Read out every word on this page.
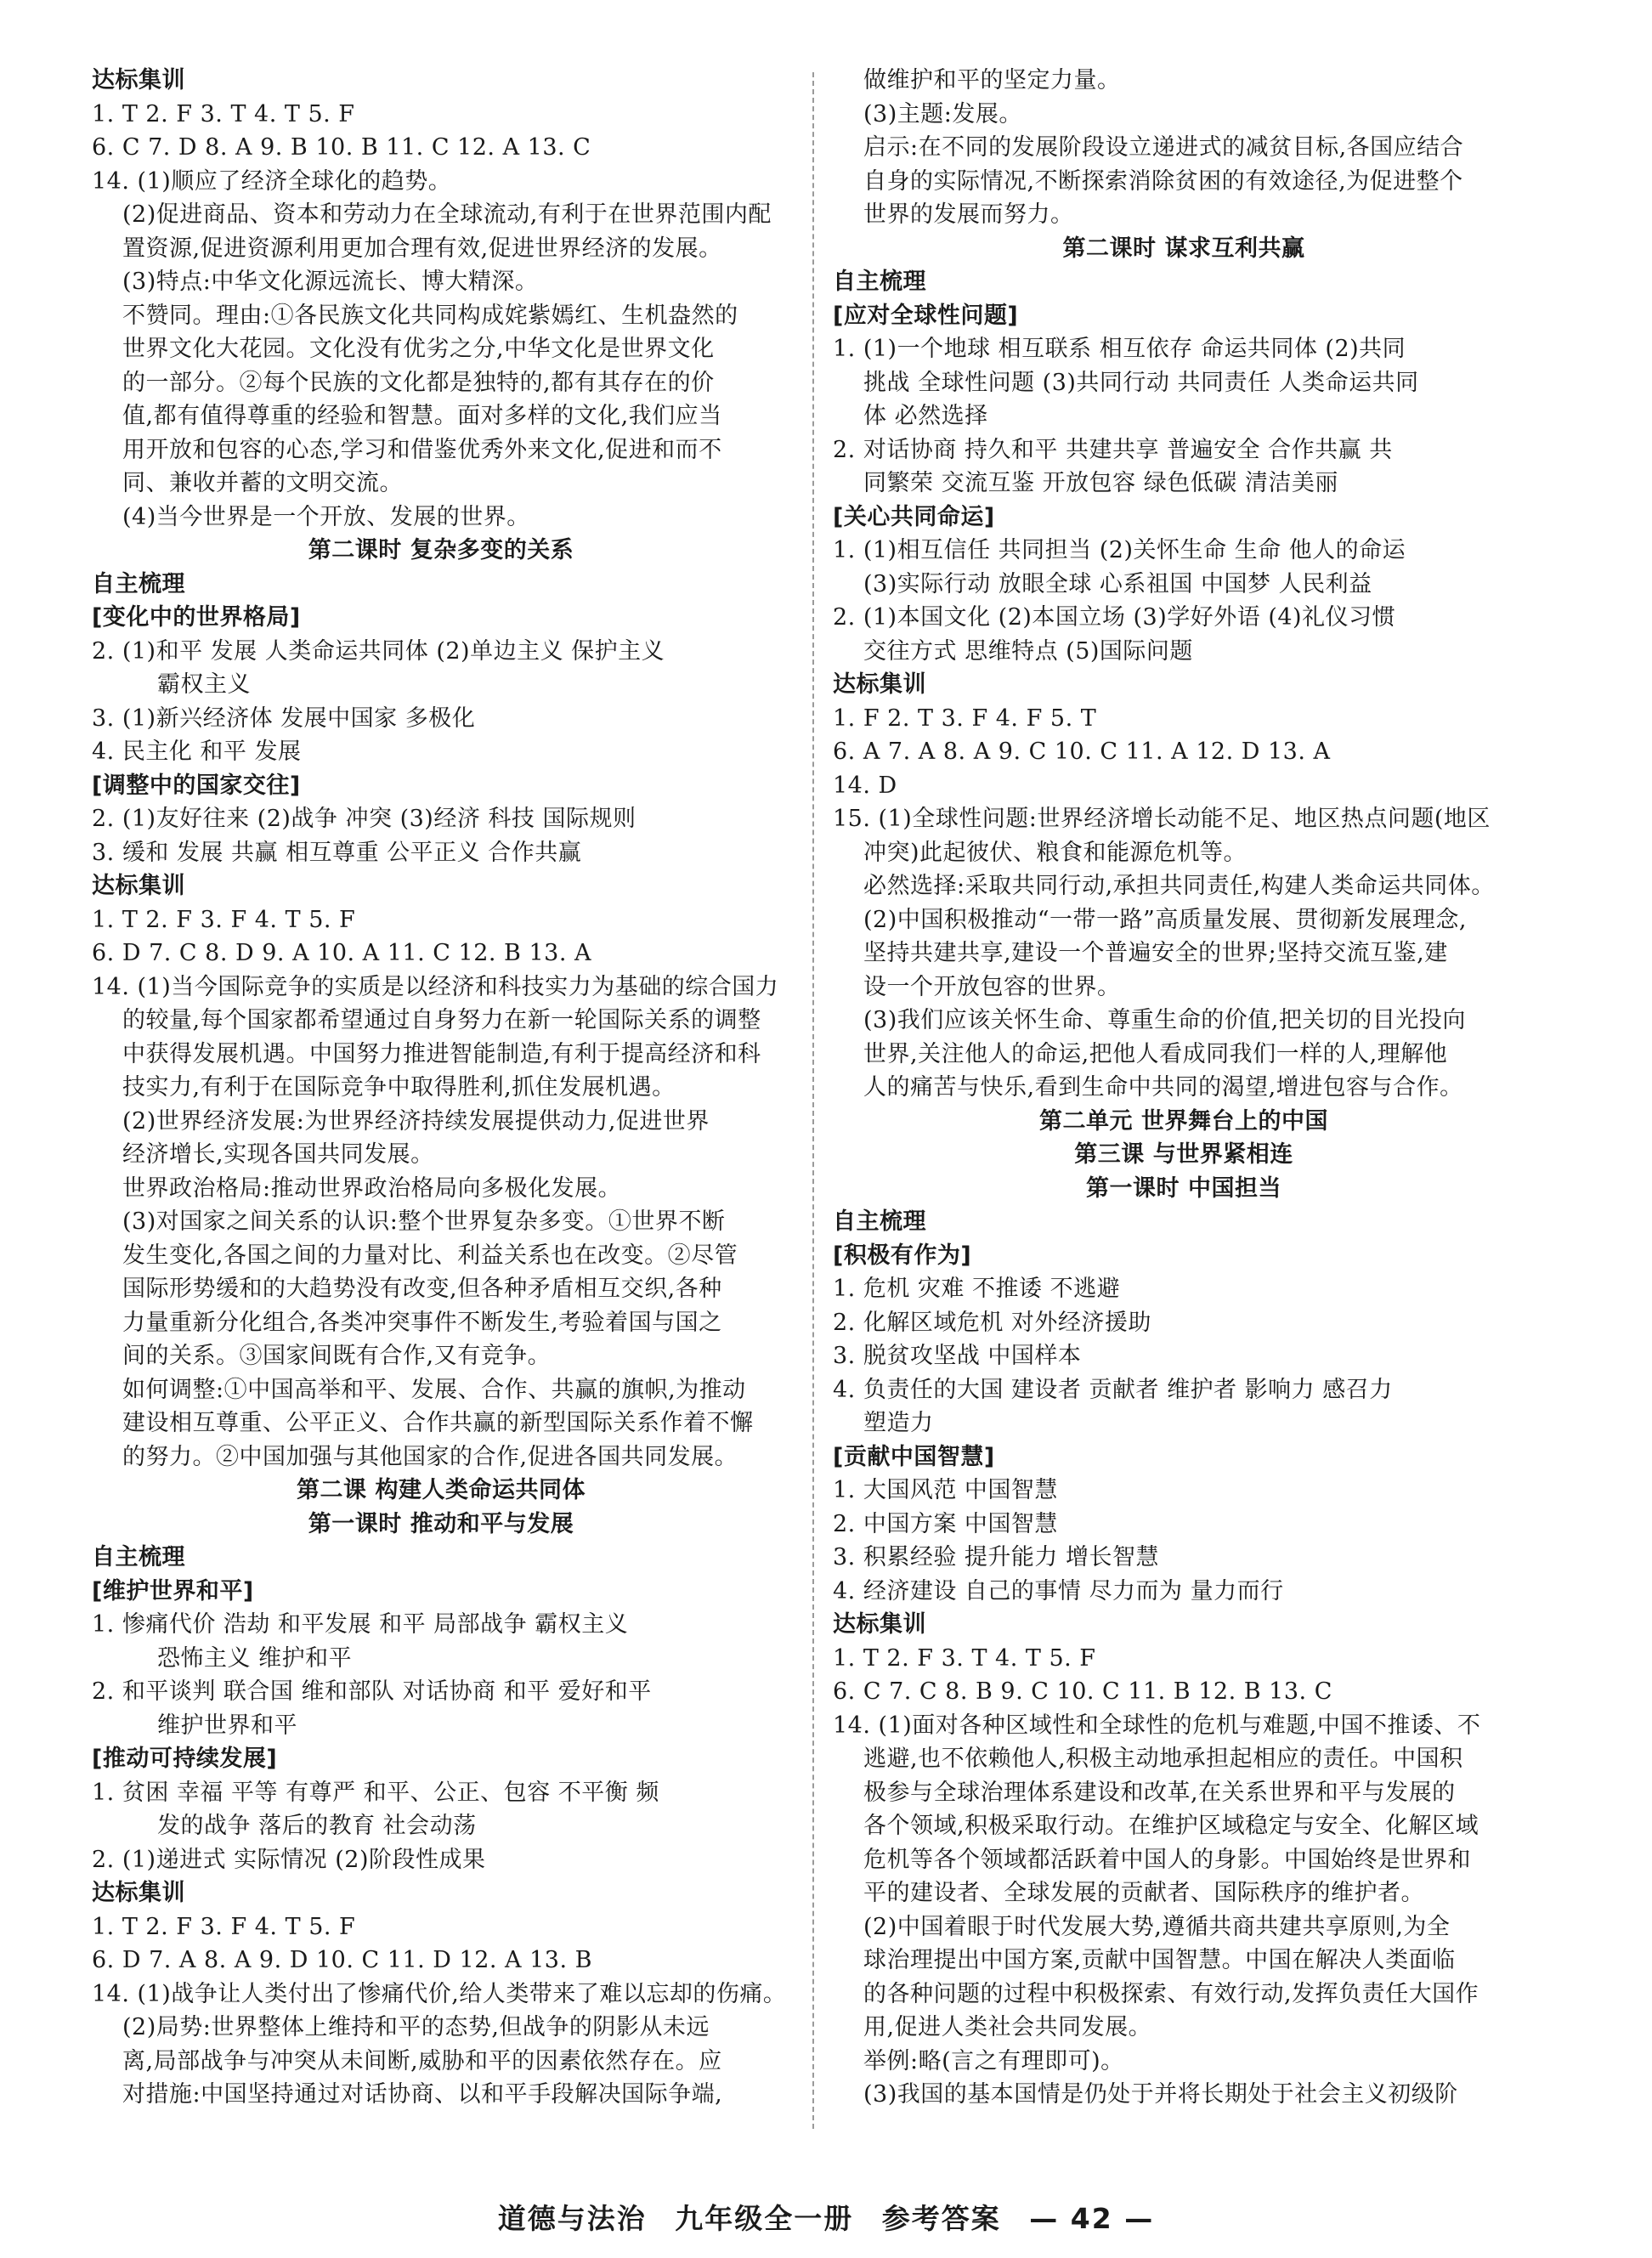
达标集训
1. T 2. F 3. T 4. T 5. F
6. C 7. D 8. A 9. B 10. B 11. C 12. A 13. C
14. (1)顺应了经济全球化的趋势。
(2)促进商品、资本和劳动力在全球流动,有利于在世界范围内配
置资源,促进资源利用更加合理有效,促进世界经济的发展。
(3)特点:中华文化源远流长、博大精深。
不赞同。理由:①各民族文化共同构成姹紫嫣红、生机盎然的
世界文化大花园。文化没有优劣之分,中华文化是世界文化
的一部分。②每个民族的文化都是独特的,都有其存在的价
值,都有值得尊重的经验和智慧。面对多样的文化,我们应当
用开放和包容的心态,学习和借鉴优秀外来文化,促进和而不
同、兼收并蓄的文明交流。
(4)当今世界是一个开放、发展的世界。
第二课时 复杂多变的关系
自主梳理
[变化中的世界格局]
2. (1)和平 发展 人类命运共同体 (2)单边主义 保护主义
霸权主义
3. (1)新兴经济体 发展中国家 多极化
4. 民主化 和平 发展
[调整中的国家交往]
2. (1)友好往来 (2)战争 冲突 (3)经济 科技 国际规则
3. 缓和 发展 共赢 相互尊重 公平正义 合作共赢
达标集训
1. T 2. F 3. F 4. T 5. F
6. D 7. C 8. D 9. A 10. A 11. C 12. B 13. A
14. (1)当今国际竞争的实质是以经济和科技实力为基础的综合国力
的较量,每个国家都希望通过自身努力在新一轮国际关系的调整
中获得发展机遇。中国努力推进智能制造,有利于提高经济和科
技实力,有利于在国际竞争中取得胜利,抓住发展机遇。
(2)世界经济发展:为世界经济持续发展提供动力,促进世界
经济增长,实现各国共同发展。
世界政治格局:推动世界政治格局向多极化发展。
(3)对国家之间关系的认识:整个世界复杂多变。①世界不断
发生变化,各国之间的力量对比、利益关系也在改变。②尽管
国际形势缓和的大趋势没有改变,但各种矛盾相互交织,各种
力量重新分化组合,各类冲突事件不断发生,考验着国与国之
间的关系。③国家间既有合作,又有竞争。
如何调整:①中国高举和平、发展、合作、共赢的旗帜,为推动
建设相互尊重、公平正义、合作共赢的新型国际关系作着不懈
的努力。②中国加强与其他国家的合作,促进各国共同发展。
第二课 构建人类命运共同体
第一课时 推动和平与发展
自主梳理
[维护世界和平]
1. 惨痛代价 浩劫 和平发展 和平 局部战争 霸权主义
恐怖主义 维护和平
2. 和平谈判 联合国 维和部队 对话协商 和平 爱好和平
维护世界和平
[推动可持续发展]
1. 贫困 幸福 平等 有尊严 和平、公正、包容 不平衡 频
发的战争 落后的教育 社会动荡
2. (1)递进式 实际情况 (2)阶段性成果
达标集训
1. T 2. F 3. F 4. T 5. F
6. D 7. A 8. A 9. D 10. C 11. D 12. A 13. B
14. (1)战争让人类付出了惨痛代价,给人类带来了难以忘却的伤痛。
(2)局势:世界整体上维持和平的态势,但战争的阴影从未远
离,局部战争与冲突从未间断,威胁和平的因素依然存在。应
对措施:中国坚持通过对话协商、以和平手段解决国际争端,
做维护和平的坚定力量。
(3)主题:发展。
启示:在不同的发展阶段设立递进式的减贫目标,各国应结合
自身的实际情况,不断探索消除贫困的有效途径,为促进整个
世界的发展而努力。
第二课时 谋求互利共赢
自主梳理
[应对全球性问题]
1. (1)一个地球 相互联系 相互依存 命运共同体 (2)共同
挑战 全球性问题 (3)共同行动 共同责任 人类命运共同
体 必然选择
2. 对话协商 持久和平 共建共享 普遍安全 合作共赢 共
同繁荣 交流互鉴 开放包容 绿色低碳 清洁美丽
[关心共同命运]
1. (1)相互信任 共同担当 (2)关怀生命 生命 他人的命运
(3)实际行动 放眼全球 心系祖国 中国梦 人民利益
2. (1)本国文化 (2)本国立场 (3)学好外语 (4)礼仪习惯
交往方式 思维特点 (5)国际问题
达标集训
1. F 2. T 3. F 4. F 5. T
6. A 7. A 8. A 9. C 10. C 11. A 12. D 13. A
14. D
15. (1)全球性问题:世界经济增长动能不足、地区热点问题(地区
冲突)此起彼伏、粮食和能源危机等。
必然选择:采取共同行动,承担共同责任,构建人类命运共同体。
(2)中国积极推动“一带一路”高质量发展、贯彻新发展理念,
坚持共建共享,建设一个普遍安全的世界;坚持交流互鉴,建
设一个开放包容的世界。
(3)我们应该关怀生命、尊重生命的价值,把关切的目光投向
世界,关注他人的命运,把他人看成同我们一样的人,理解他
人的痛苦与快乐,看到生命中共同的渴望,增进包容与合作。
第二单元 世界舞台上的中国
第三课 与世界紧相连
第一课时 中国担当
自主梳理
[积极有作为]
1. 危机 灾难 不推诿 不逃避
2. 化解区域危机 对外经济援助
3. 脱贫攻坚战 中国样本
4. 负责任的大国 建设者 贡献者 维护者 影响力 感召力
塑造力
[贡献中国智慧]
1. 大国风范 中国智慧
2. 中国方案 中国智慧
3. 积累经验 提升能力 增长智慧
4. 经济建设 自己的事情 尽力而为 量力而行
达标集训
1. T 2. F 3. T 4. T 5. F
6. C 7. C 8. B 9. C 10. C 11. B 12. B 13. C
14. (1)面对各种区域性和全球性的危机与难题,中国不推诿、不
逃避,也不依赖他人,积极主动地承担起相应的责任。中国积
极参与全球治理体系建设和改革,在关系世界和平与发展的
各个领域,积极采取行动。在维护区域稳定与安全、化解区域
危机等各个领域都活跃着中国人的身影。中国始终是世界和
平的建设者、全球发展的贡献者、国际秩序的维护者。
(2)中国着眼于时代发展大势,遵循共商共建共享原则,为全
球治理提出中国方案,贡献中国智慧。中国在解决人类面临
的各种问题的过程中积极探索、有效行动,发挥负责任大国作
用,促进人类社会共同发展。
举例:略(言之有理即可)。
(3)我国的基本国情是仍处于并将长期处于社会主义初级阶
道德与法治 九年级全一册 参考答案 — 42 —
